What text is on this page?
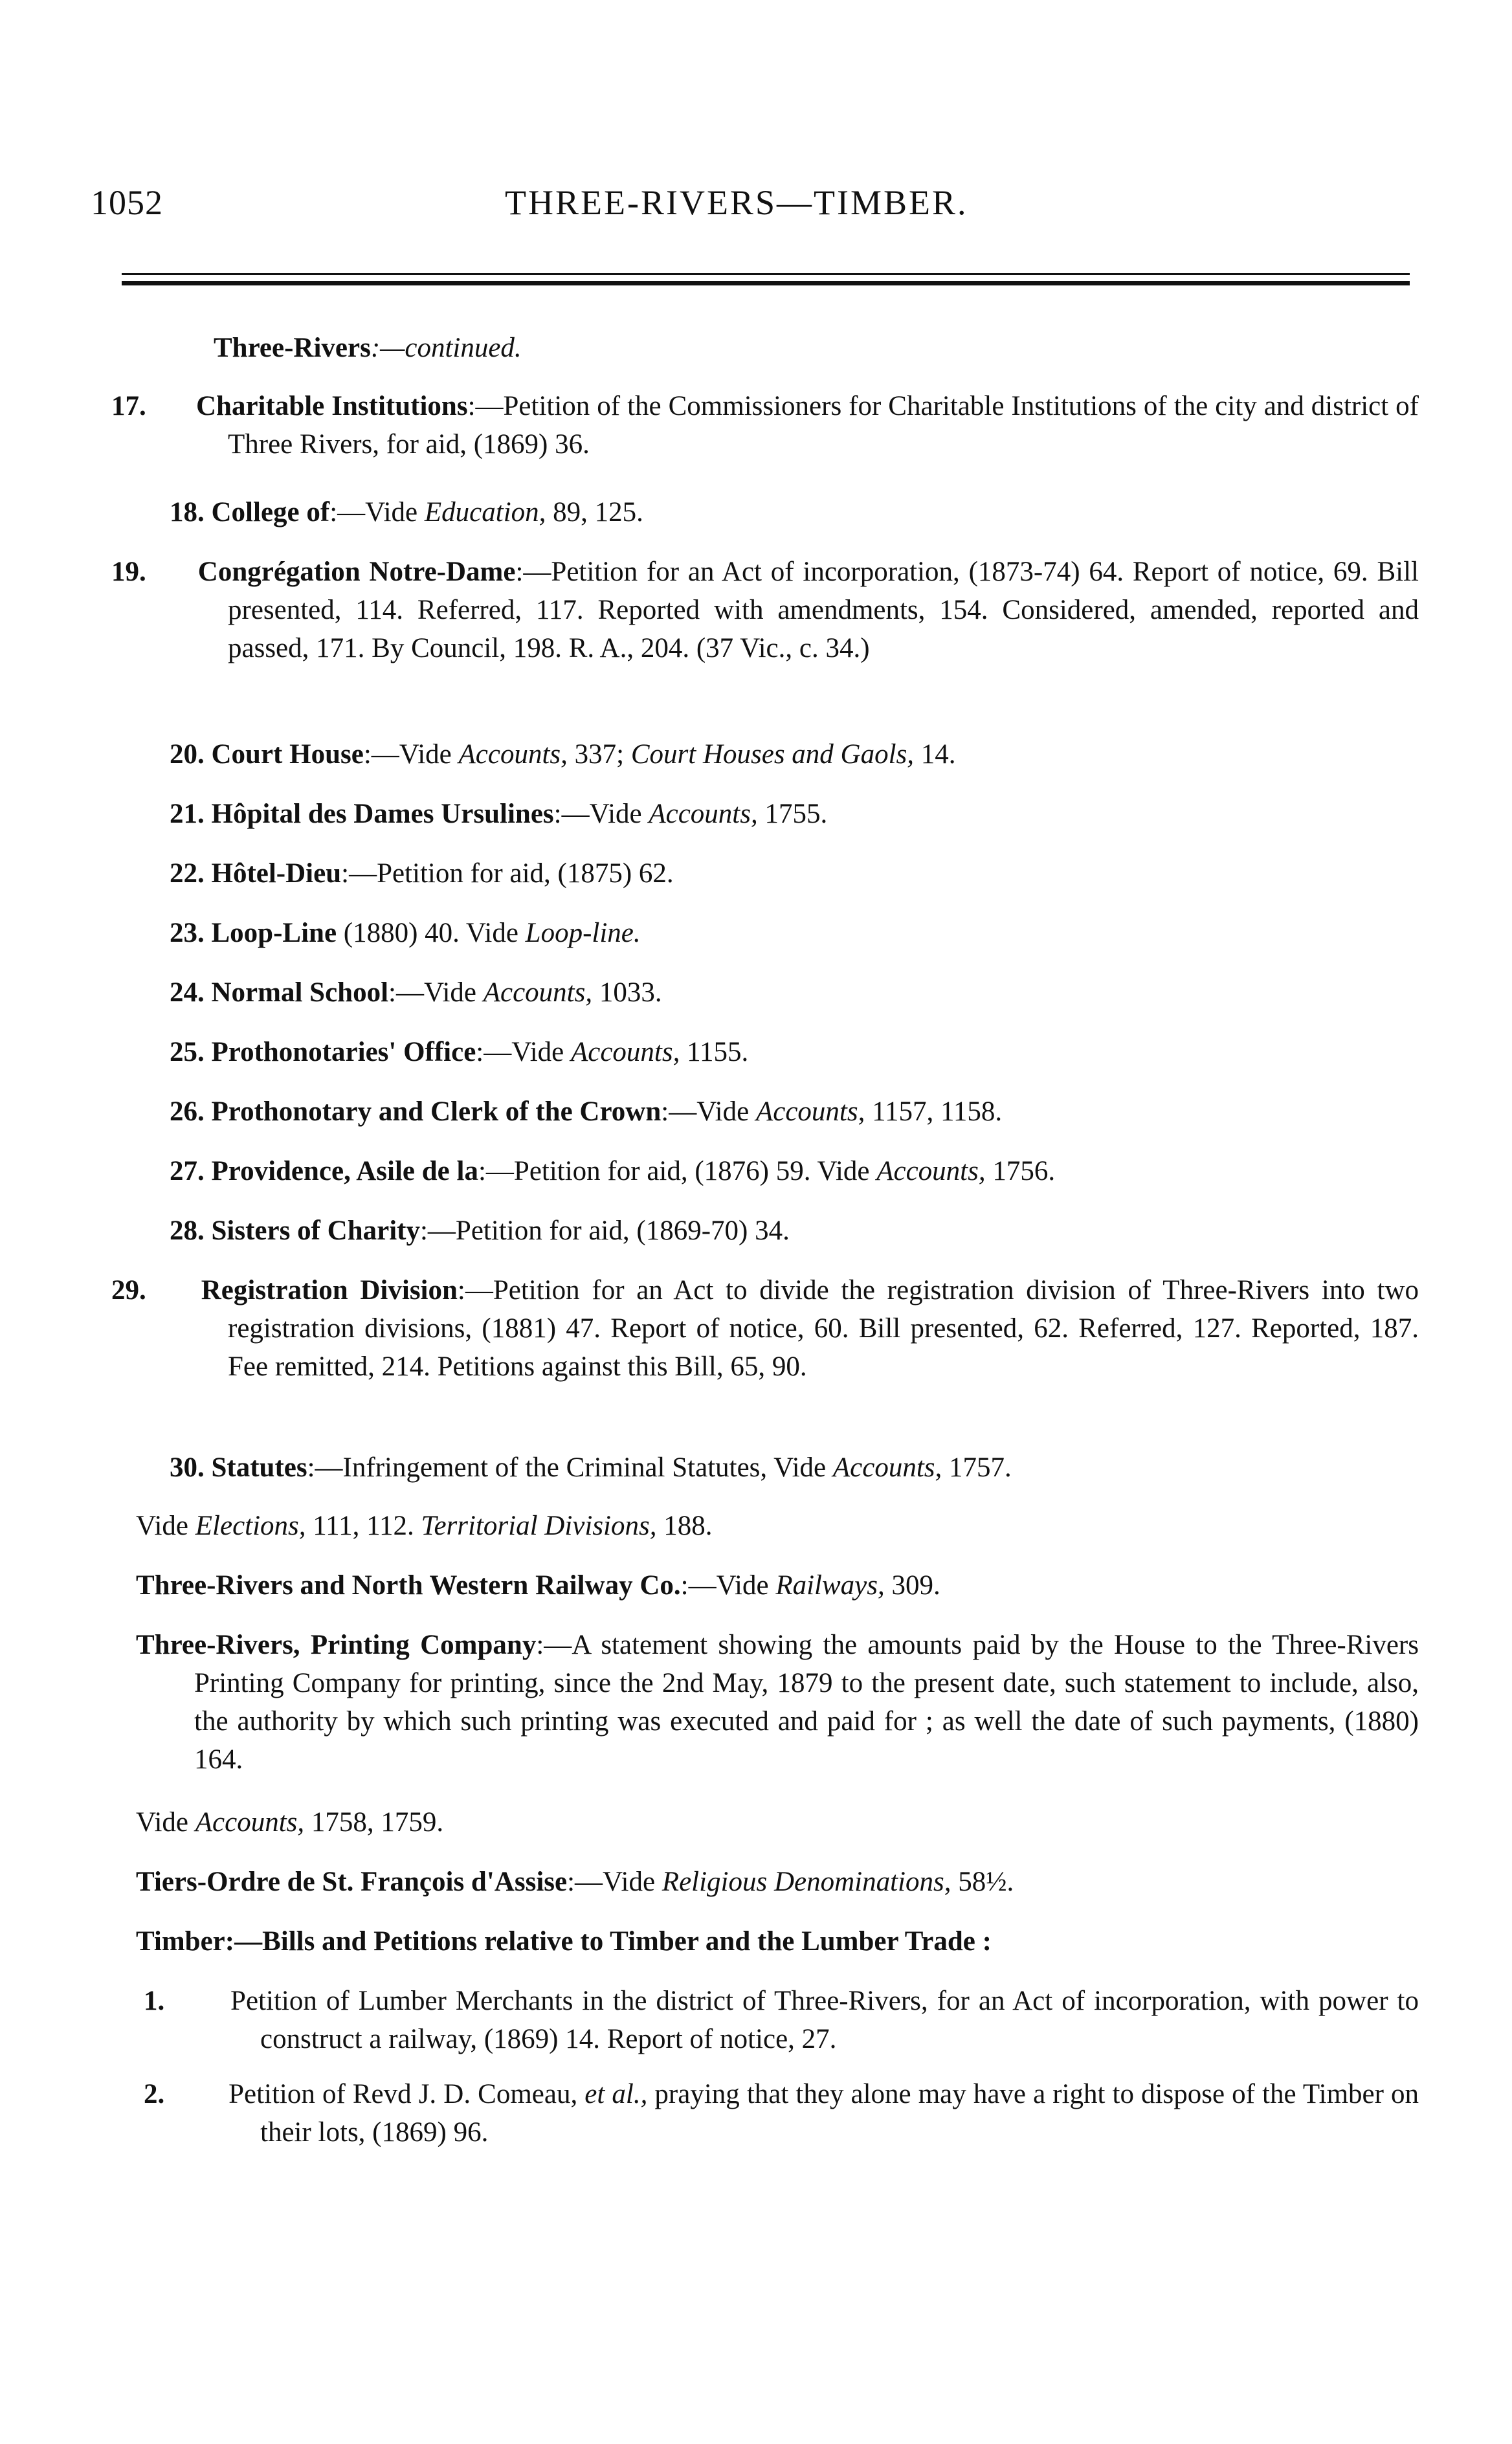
1052	THREE-RIVERS—TIMBER.
Three-Rivers:—continued.
17. Charitable Institutions:—Petition of the Commissioners for Charitable Institutions of the city and district of Three Rivers, for aid, (1869) 36.
18. College of:—Vide Education, 89, 125.
19. Congrégation Notre-Dame:—Petition for an Act of incorporation, (1873-74) 64. Report of notice, 69. Bill presented, 114. Referred, 117. Reported with amendments, 154. Considered, amended, reported and passed, 171. By Council, 198. R. A., 204. (37 Vic., c. 34.)
20. Court House:—Vide Accounts, 337; Court Houses and Gaols, 14.
21. Hôpital des Dames Ursulines:—Vide Accounts, 1755.
22. Hôtel-Dieu:—Petition for aid, (1875) 62.
23. Loop-Line (1880) 40. Vide Loop-line.
24. Normal School:—Vide Accounts, 1033.
25. Prothonotaries' Office:—Vide Accounts, 1155.
26. Prothonotary and Clerk of the Crown:—Vide Accounts, 1157, 1158.
27. Providence, Asile de la:—Petition for aid, (1876) 59. Vide Accounts, 1756.
28. Sisters of Charity:—Petition for aid, (1869-70) 34.
29. Registration Division:—Petition for an Act to divide the registration division of Three-Rivers into two registration divisions, (1881) 47. Report of notice, 60. Bill presented, 62. Referred, 127. Reported, 187. Fee remitted, 214. Petitions against this Bill, 65, 90.
30. Statutes:—Infringement of the Criminal Statutes, Vide Accounts, 1757.
Vide Elections, 111, 112. Territorial Divisions, 188.
Three-Rivers and North Western Railway Co.:—Vide Railways, 309.
Three-Rivers, Printing Company:—A statement showing the amounts paid by the House to the Three-Rivers Printing Company for printing, since the 2nd May, 1879 to the present date, such statement to include, also, the authority by which such printing was executed and paid for ; as well the date of such payments, (1880) 164.
Vide Accounts, 1758, 1759.
Tiers-Ordre de St. François d'Assise:—Vide Religious Denominations, 58½.
Timber:—Bills and Petitions relative to Timber and the Lumber Trade :
1. Petition of Lumber Merchants in the district of Three-Rivers, for an Act of incorporation, with power to construct a railway, (1869) 14. Report of notice, 27.
2. Petition of Revd J. D. Comeau, et al., praying that they alone may have a right to dispose of the Timber on their lots, (1869) 96.
